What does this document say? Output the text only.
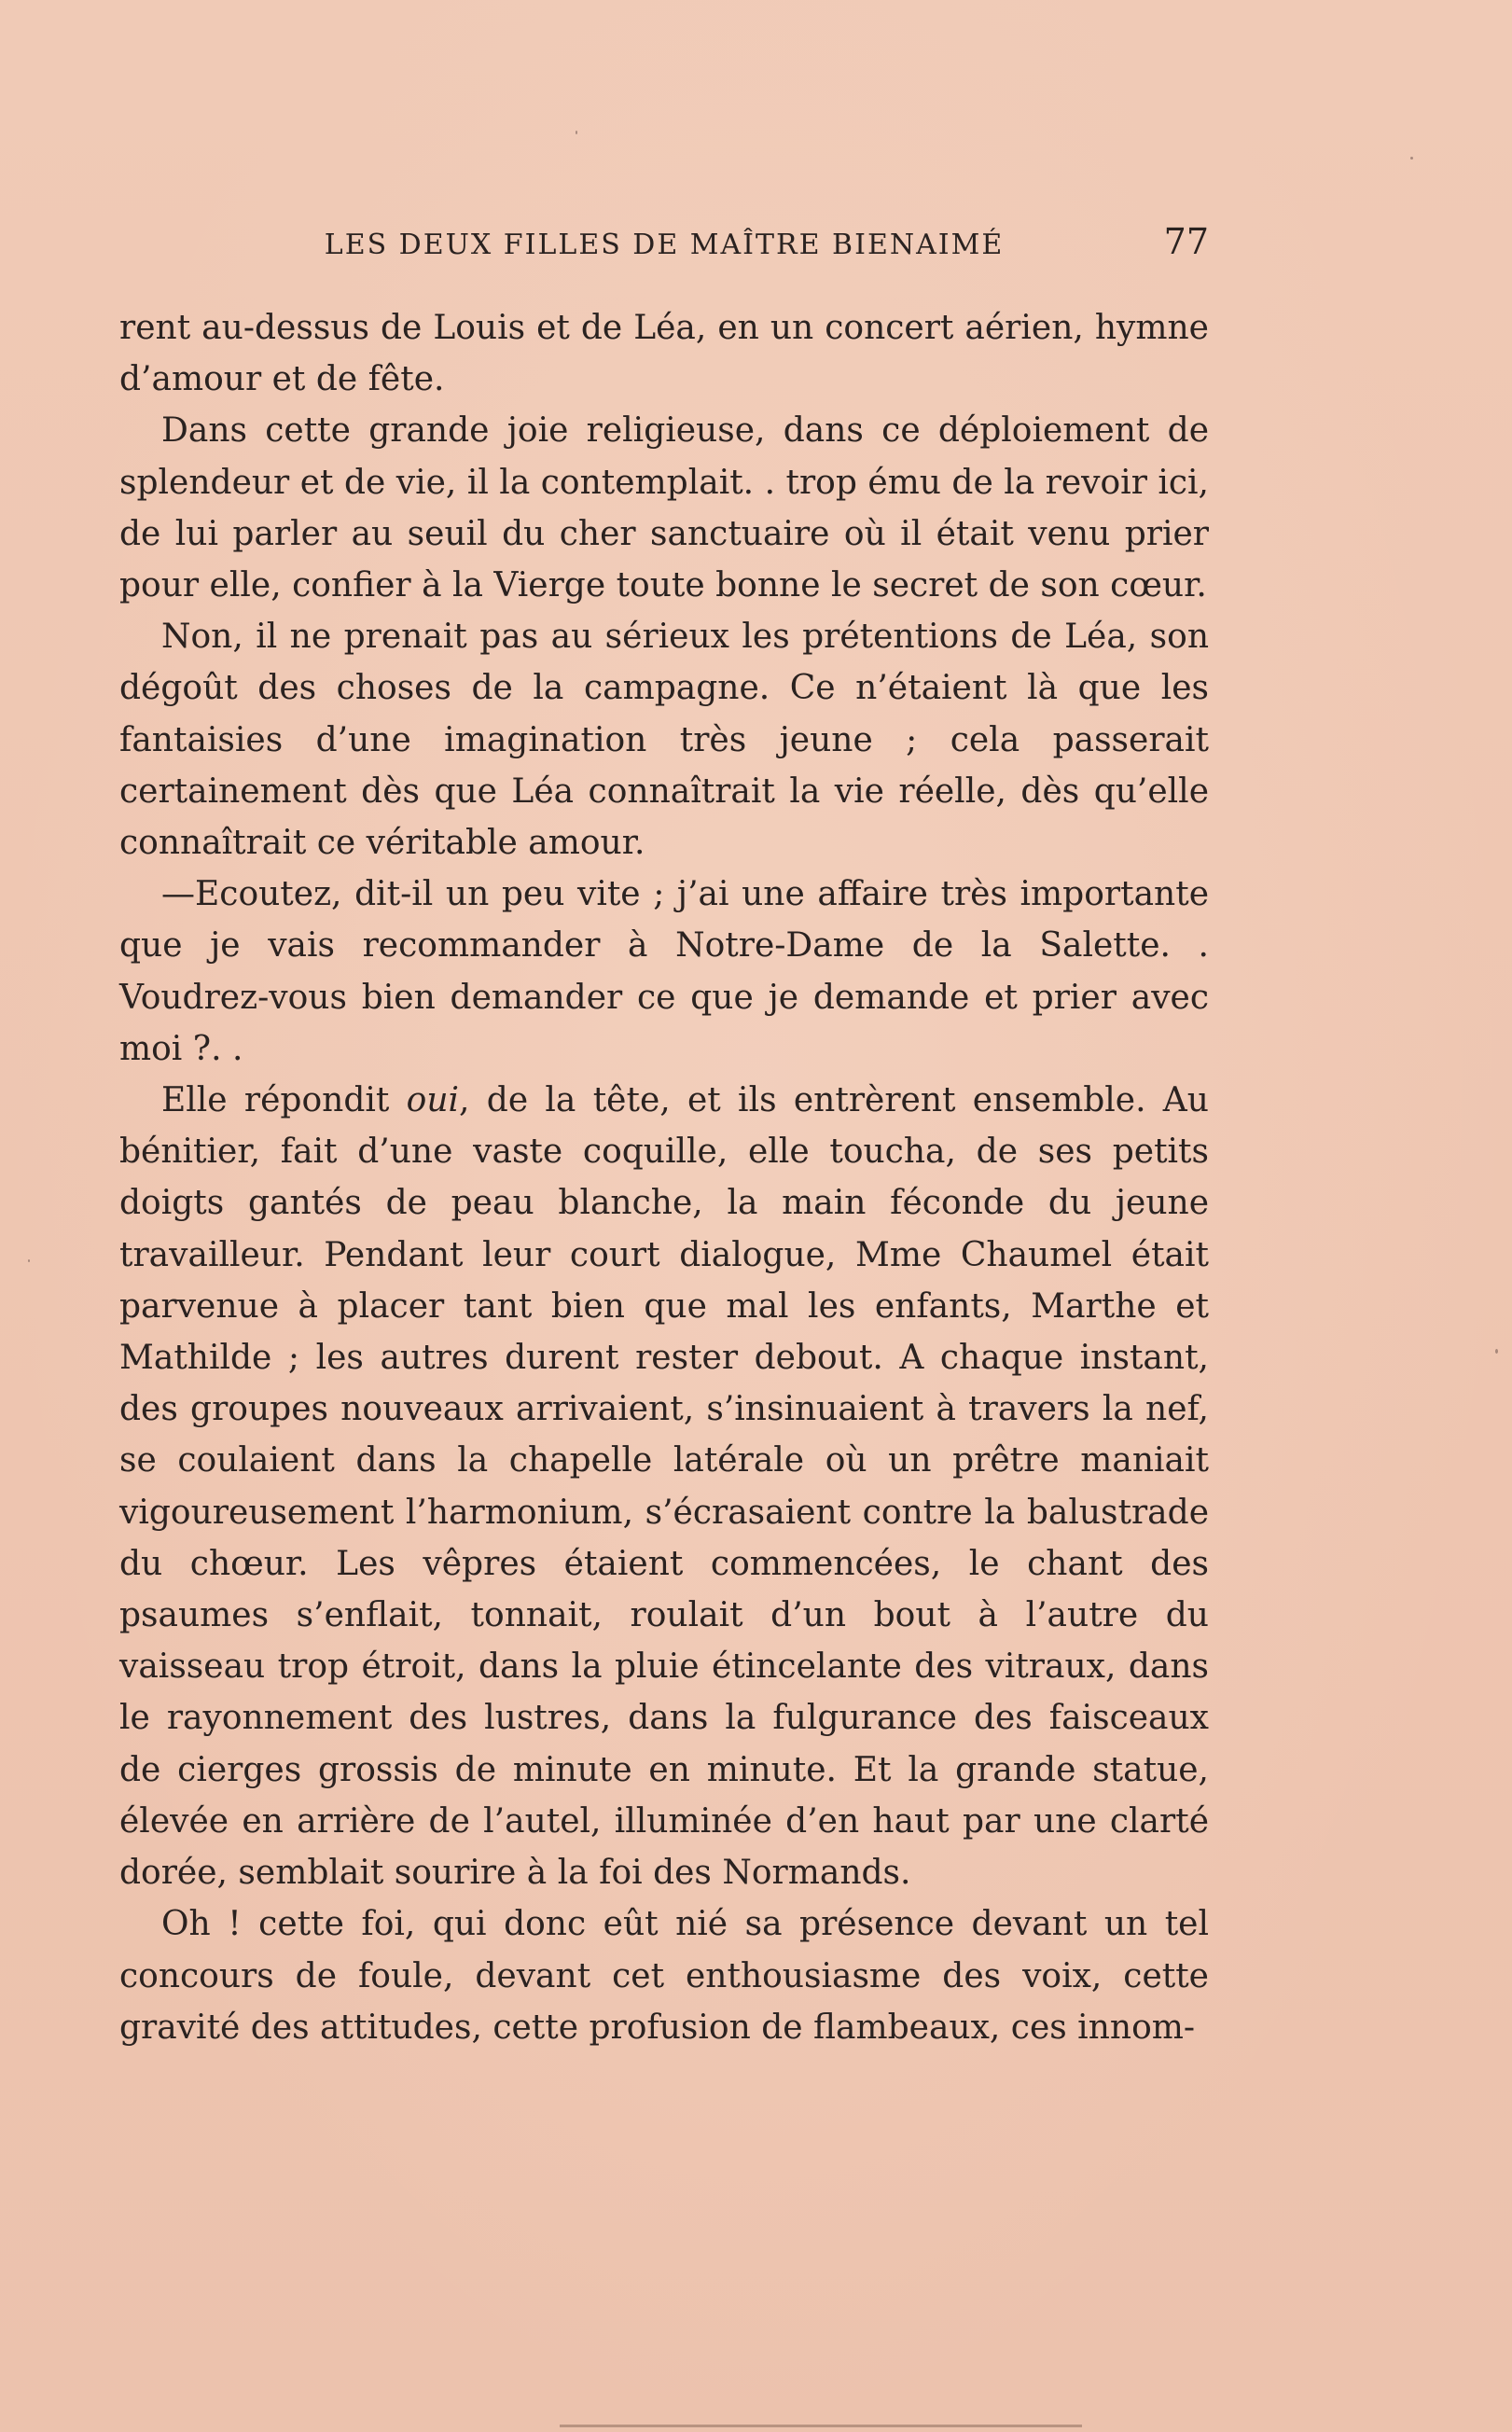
LES DEUX FILLES DE MAÎTRE BIENAIMÉ	77

rent au-dessus de Louis et de Léa, en un concert aérien, hymne d’amour et de fête.

Dans cette grande joie religieuse, dans ce déploiement de splendeur et de vie, il la contemplait. . trop ému de la revoir ici, de lui parler au seuil du cher sanctuaire où il était venu prier pour elle, confier à la Vierge toute bonne le secret de son cœur.

Non, il ne prenait pas au sérieux les prétentions de Léa, son dégoût des choses de la campagne. Ce n’étaient là que les fantaisies d’une imagination très jeune ; cela passerait certainement dès que Léa connaîtrait la vie réelle, dès qu’elle connaîtrait ce véritable amour.

—Ecoutez, dit-il un peu vite ; j’ai une affaire très importante que je vais recommander à Notre-Dame de la Salette. . Voudrez-vous bien demander ce que je demande et prier avec moi ?. .

Elle répondit oui, de la tête, et ils entrèrent ensemble. Au bénitier, fait d’une vaste coquille, elle toucha, de ses petits doigts gantés de peau blanche, la main féconde du jeune travailleur. Pendant leur court dialogue, Mme Chaumel était parvenue à placer tant bien que mal les enfants, Marthe et Mathilde ; les autres durent rester debout. A chaque instant, des groupes nouveaux arrivaient, s’insinuaient à travers la nef, se coulaient dans la chapelle latérale où un prêtre maniait vigoureusement l’harmonium, s’écrasaient contre la balustrade du chœur. Les vêpres étaient commencées, le chant des psaumes s’enflait, tonnait, roulait d’un bout à l’autre du vaisseau trop étroit, dans la pluie étincelante des vitraux, dans le rayonnement des lustres, dans la fulgurance des faisceaux de cierges grossis de minute en minute. Et la grande statue, élevée en arrière de l’autel, illuminée d’en haut par une clarté dorée, semblait sourire à la foi des Normands.

Oh ! cette foi, qui donc eût nié sa présence devant un tel concours de foule, devant cet enthousiasme des voix, cette gravité des attitudes, cette profusion de flambeaux, ces innom-
